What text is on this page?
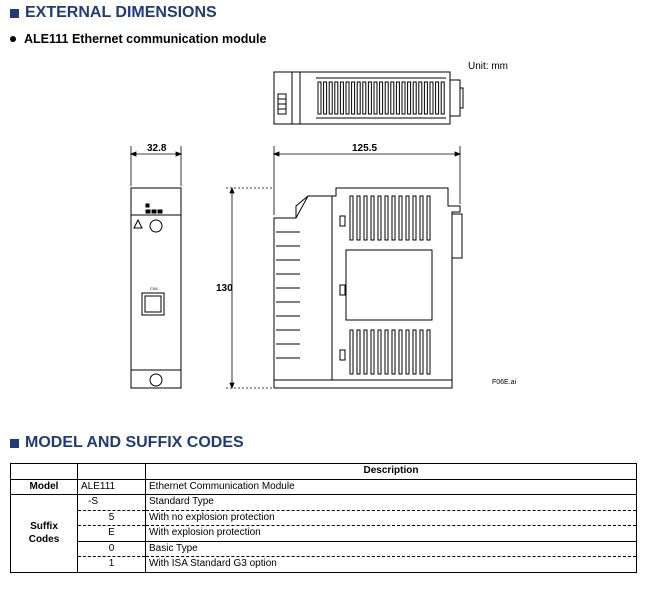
EXTERNAL DIMENSIONS
ALE111 Ethernet communication module
Unit: mm
CN1
32.8	125.5
130
F06E.ai
MODEL AND SUFFIX CODES
		Description
Model	ALE111	Ethernet Communication Module
Suffix Codes	-S	Standard Type
	5	With no explosion protection
	E	With explosion protection
	0	Basic Type
	1	With ISA Standard G3 option
